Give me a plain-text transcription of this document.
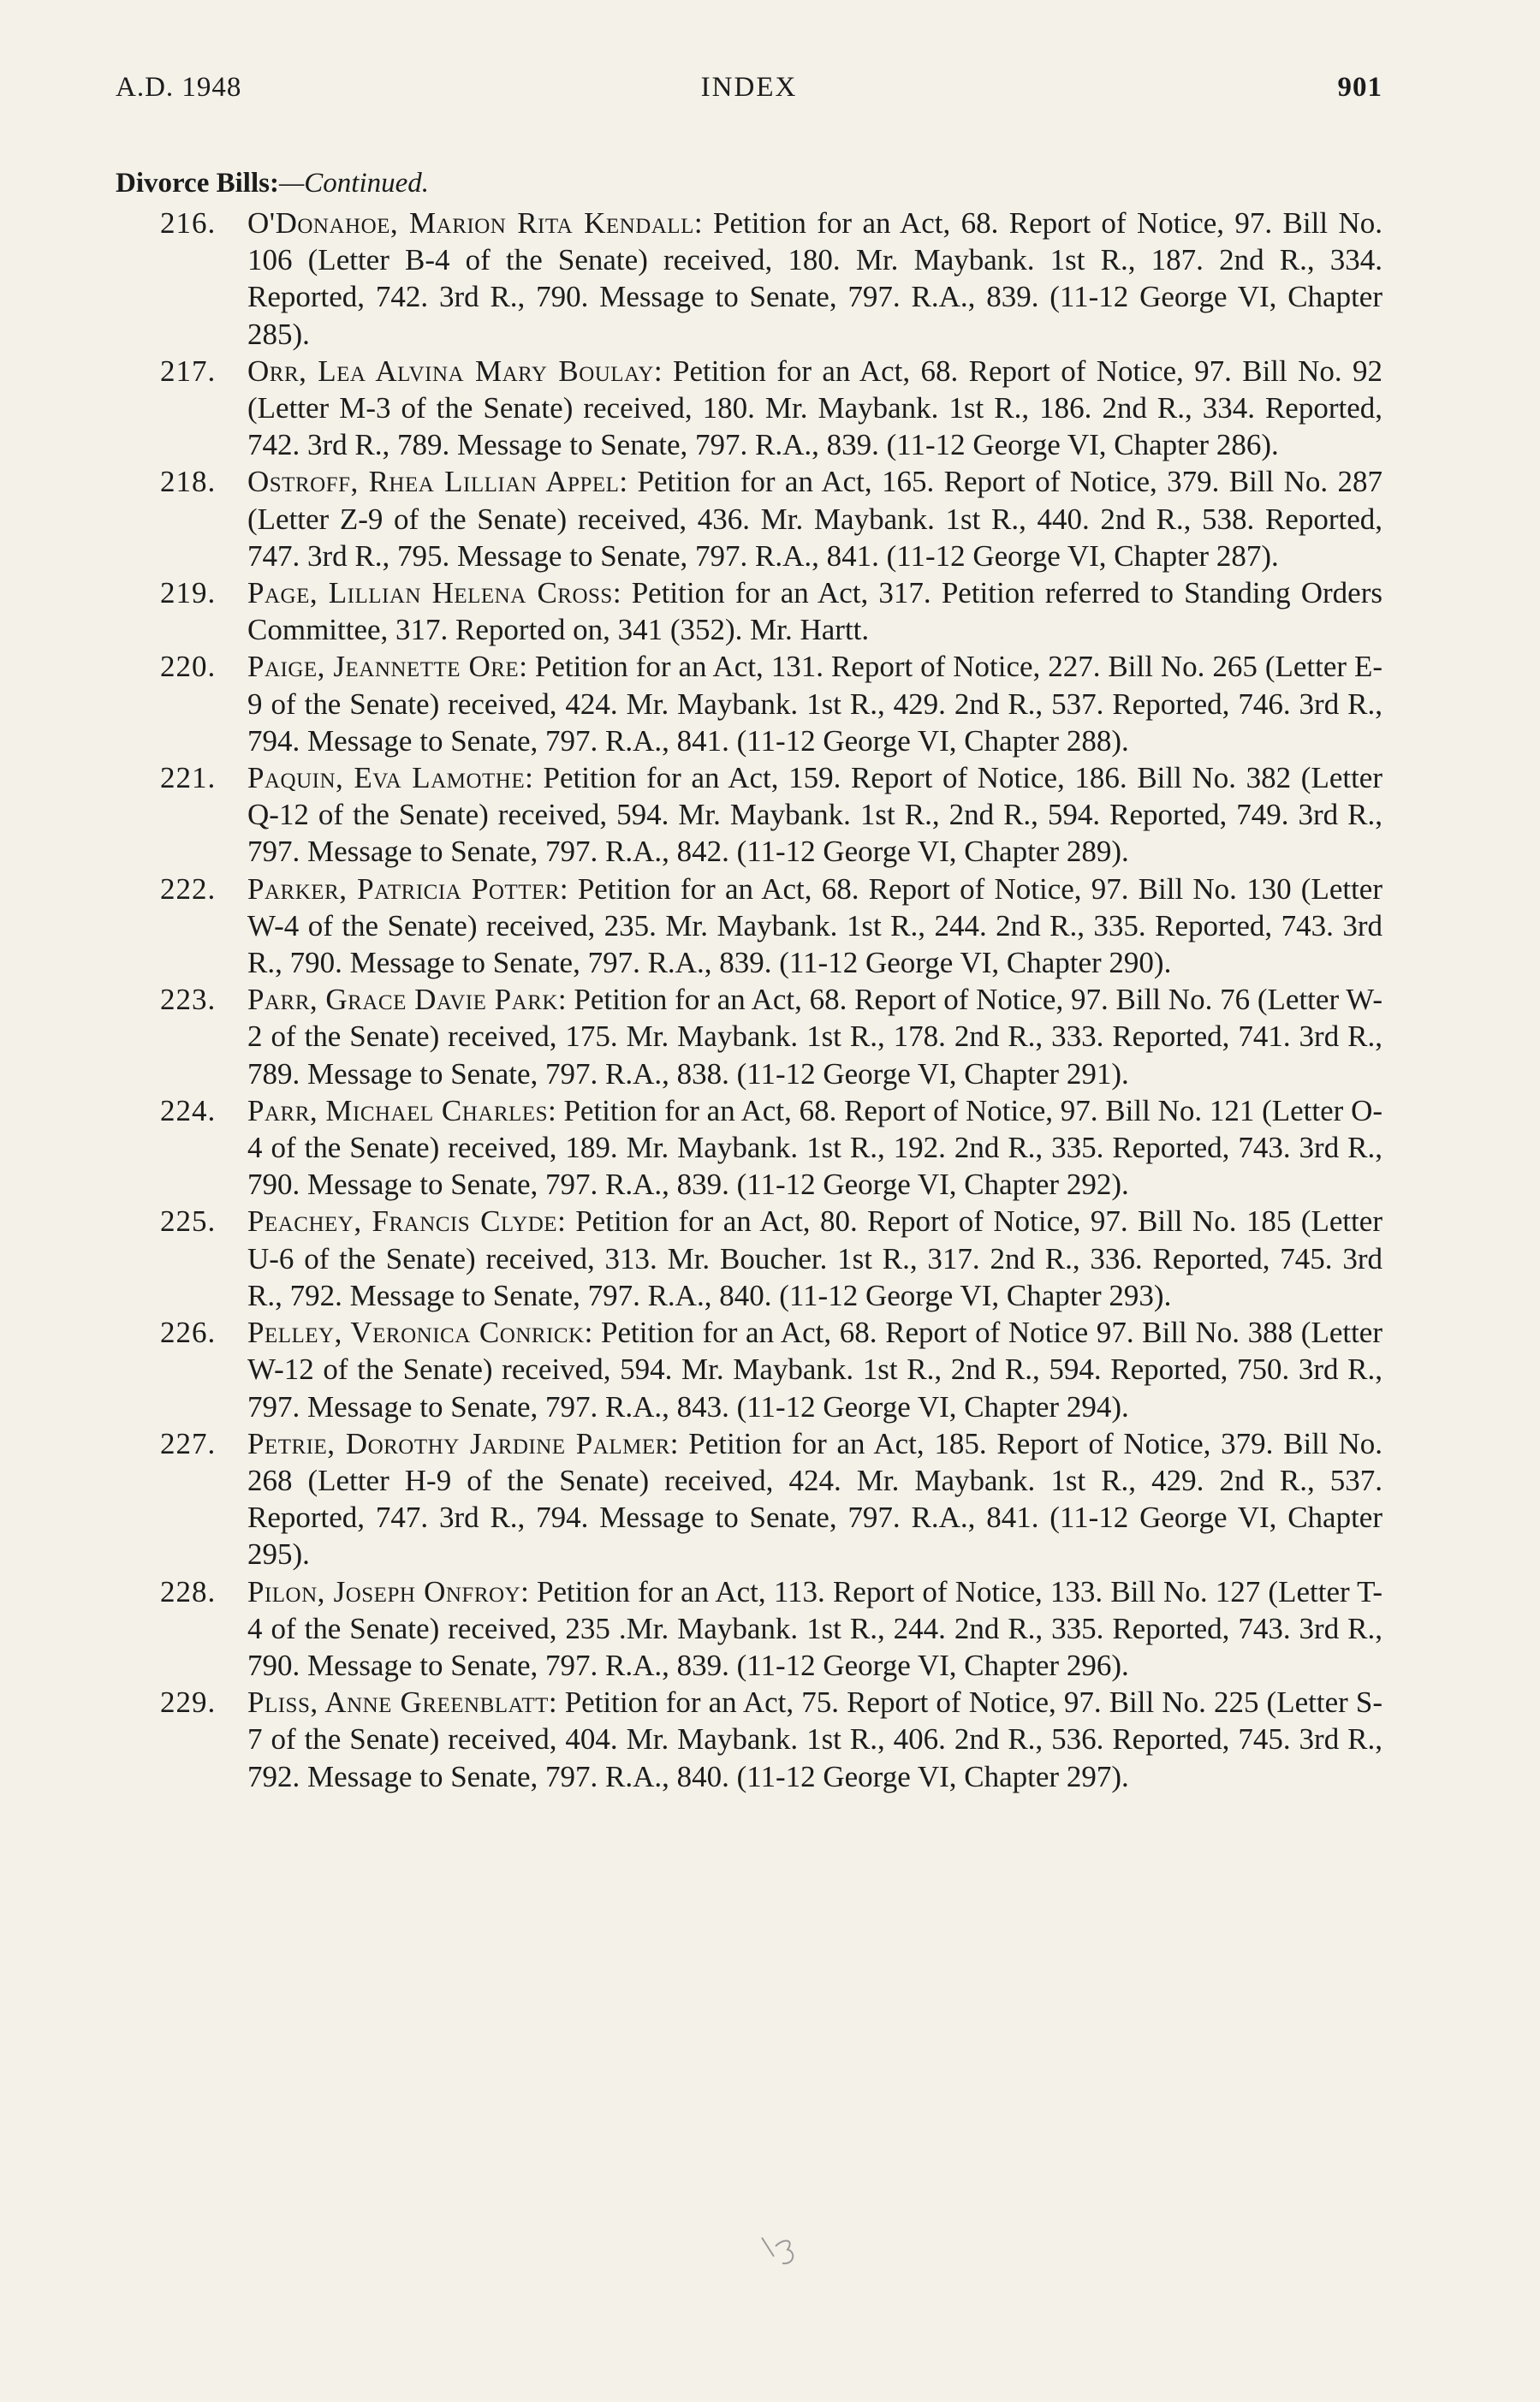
A.D. 1948	INDEX	901
Divorce Bills:—Continued.

216.	O'Donahoe, Marion Rita Kendall: Petition for an Act, 68. Report of Notice, 97. Bill No. 106 (Letter B-4 of the Senate) received, 180. Mr. Maybank. 1st R., 187. 2nd R., 334. Reported, 742. 3rd R., 790. Message to Senate, 797. R.A., 839. (11-12 George VI, Chapter 285).

217.	Orr, Lea Alvina Mary Boulay: Petition for an Act, 68. Report of Notice, 97. Bill No. 92 (Letter M-3 of the Senate) received, 180. Mr. Maybank. 1st R., 186. 2nd R., 334. Reported, 742. 3rd R., 789. Message to Senate, 797. R.A., 839. (11-12 George VI, Chapter 286).

218.	Ostroff, Rhea Lillian Appel: Petition for an Act, 165. Report of Notice, 379. Bill No. 287 (Letter Z-9 of the Senate) received, 436. Mr. Maybank. 1st R., 440. 2nd R., 538. Reported, 747. 3rd R., 795. Message to Senate, 797. R.A., 841. (11-12 George VI, Chapter 287).

219.	Page, Lillian Helena Cross: Petition for an Act, 317. Petition referred to Standing Orders Committee, 317. Reported on, 341 (352). Mr. Hartt.

220.	Paige, Jeannette Ore: Petition for an Act, 131. Report of Notice, 227. Bill No. 265 (Letter E-9 of the Senate) received, 424. Mr. Maybank. 1st R., 429. 2nd R., 537. Reported, 746. 3rd R., 794. Message to Senate, 797. R.A., 841. (11-12 George VI, Chapter 288).

221.	Paquin, Eva Lamothe: Petition for an Act, 159. Report of Notice, 186. Bill No. 382 (Letter Q-12 of the Senate) received, 594. Mr. Maybank. 1st R., 2nd R., 594. Reported, 749. 3rd R., 797. Message to Senate, 797. R.A., 842. (11-12 George VI, Chapter 289).

222.	Parker, Patricia Potter: Petition for an Act, 68. Report of Notice, 97. Bill No. 130 (Letter W-4 of the Senate) received, 235. Mr. Maybank. 1st R., 244. 2nd R., 335. Reported, 743. 3rd R., 790. Message to Senate, 797. R.A., 839. (11-12 George VI, Chapter 290).

223.	Parr, Grace Davie Park: Petition for an Act, 68. Report of Notice, 97. Bill No. 76 (Letter W-2 of the Senate) received, 175. Mr. Maybank. 1st R., 178. 2nd R., 333. Reported, 741. 3rd R., 789. Message to Senate, 797. R.A., 838. (11-12 George VI, Chapter 291).

224.	Parr, Michael Charles: Petition for an Act, 68. Report of Notice, 97. Bill No. 121 (Letter O-4 of the Senate) received, 189. Mr. Maybank. 1st R., 192. 2nd R., 335. Reported, 743. 3rd R., 790. Message to Senate, 797. R.A., 839. (11-12 George VI, Chapter 292).

225.	Peachey, Francis Clyde: Petition for an Act, 80. Report of Notice, 97. Bill No. 185 (Letter U-6 of the Senate) received, 313. Mr. Boucher. 1st R., 317. 2nd R., 336. Reported, 745. 3rd R., 792. Message to Senate, 797. R.A., 840. (11-12 George VI, Chapter 293).

226.	Pelley, Veronica Conrick: Petition for an Act, 68. Report of Notice 97. Bill No. 388 (Letter W-12 of the Senate) received, 594. Mr. Maybank. 1st R., 2nd R., 594. Reported, 750. 3rd R., 797. Message to Senate, 797. R.A., 843. (11-12 George VI, Chapter 294).

227.	Petrie, Dorothy Jardine Palmer: Petition for an Act, 185. Report of Notice, 379. Bill No. 268 (Letter H-9 of the Senate) received, 424. Mr. Maybank. 1st R., 429. 2nd R., 537. Reported, 747. 3rd R., 794. Message to Senate, 797. R.A., 841. (11-12 George VI, Chapter 295).

228.	Pilon, Joseph Onfroy: Petition for an Act, 113. Report of Notice, 133. Bill No. 127 (Letter T-4 of the Senate) received, 235 .Mr. Maybank. 1st R., 244. 2nd R., 335. Reported, 743. 3rd R., 790. Message to Senate, 797. R.A., 839. (11-12 George VI, Chapter 296).

229.	Pliss, Anne Greenblatt: Petition for an Act, 75. Report of Notice, 97. Bill No. 225 (Letter S-7 of the Senate) received, 404. Mr. Maybank. 1st R., 406. 2nd R., 536. Reported, 745. 3rd R., 792. Message to Senate, 797. R.A., 840. (11-12 George VI, Chapter 297).
